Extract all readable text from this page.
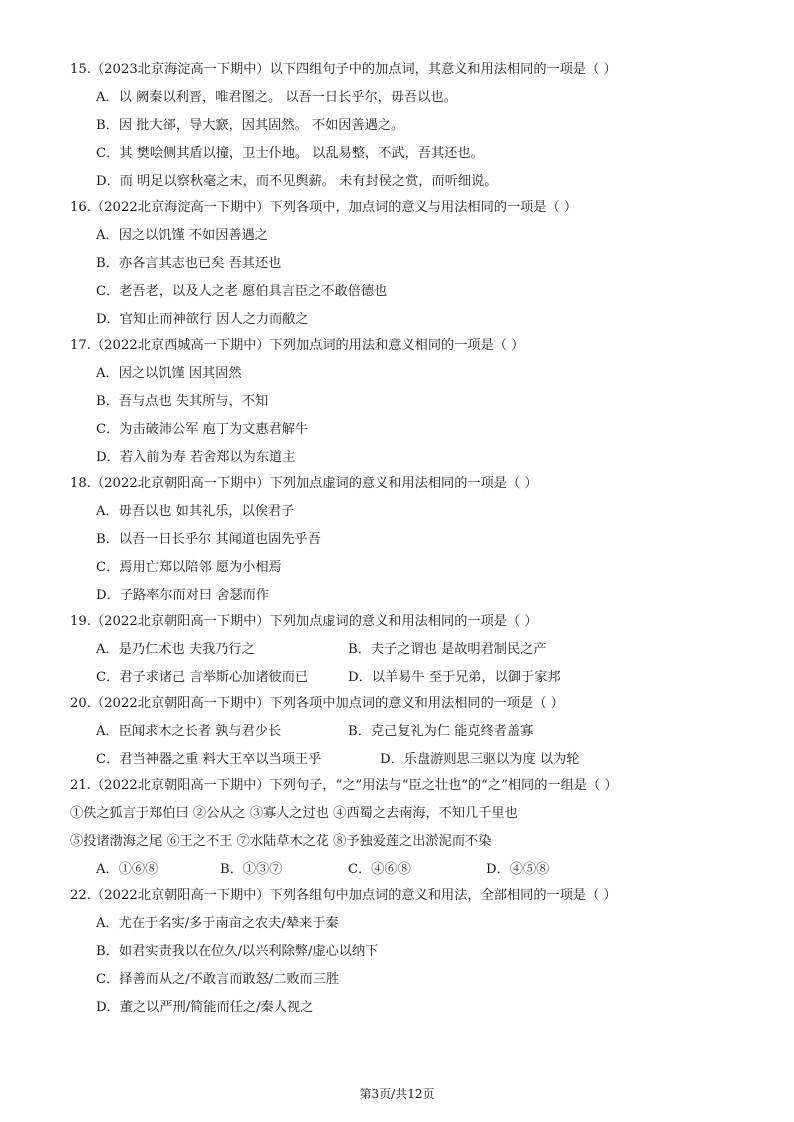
15.（2023北京海淀高一下期中）以下四组句子中的加点词，其意义和用法相同的一项是（ ）
A．以 阙秦以利晋，唯君图之。 以吾一日长乎尔，毋吾以也。
B．因 批大郤，导大窾，因其固然。 不如因善遇之。
C．其 樊哙侧其盾以撞，卫士仆地。 以乱易整，不武，吾其还也。
D．而 明足以察秋毫之末，而不见舆薪。 未有封侯之赏，而听细说。
16.（2022北京海淀高一下期中）下列各项中，加点词的意义与用法相同的一项是（ ）
A．因之以饥馑 不如因善遇之
B．亦各言其志也已矣 吾其还也
C．老吾老，以及人之老 愿伯具言臣之不敢倍德也
D．官知止而神欲行 因人之力而敝之
17.（2022北京西城高一下期中）下列加点词的用法和意义相同的一项是（ ）
A．因之以饥馑 因其固然
B．吾与点也 失其所与，不知
C．为击破沛公军 庖丁为文惠君解牛
D．若入前为寿 若舍郑以为东道主
18.（2022北京朝阳高一下期中）下列加点虚词的意义和用法相同的一项是（ ）
A．毋吾以也 如其礼乐，以俟君子
B．以吾一日长乎尔 其闻道也固先乎吾
C．焉用亡郑以陪邻 愿为小相焉
D．子路率尔而对曰 舍瑟而作
19.（2022北京朝阳高一下期中）下列加点虚词的意义和用法相同的一项是（ ）
A．是乃仁术也 夫我乃行之	B．夫子之谓也 是故明君制民之产
C．君子求诸己 言举斯心加诸彼而已	D．以羊易牛 至于兄弟，以御于家邦
20.（2022北京朝阳高一下期中）下列各项中加点词的意义和用法相同的一项是（ ）
A．臣闻求木之长者 孰与君少长	B．克己复礼为仁 能克终者盖寡
C．君当神器之重 料大王卒以当项王乎	D．乐盘游则思三驱以为度 以为轮
21.（2022北京朝阳高一下期中）下列句子，“之”用法与“臣之壮也”的“之”相同的一组是（ ）
①佚之狐言于郑伯曰 ②公从之 ③寡人之过也 ④西蜀之去南海，不知几千里也
⑤投诸渤海之尾 ⑥王之不王 ⑦水陆草木之花 ⑧予独爱莲之出淤泥而不染
A．①⑥⑧	B．①③⑦	C．④⑥⑧	D．④⑤⑧
22.（2022北京朝阳高一下期中）下列各组句中加点词的意义和用法，全部相同的一项是（ ）
A．尤在于名实/多于南亩之农夫/辇来于秦
B．如君实责我以在位久/以兴利除弊/虚心以纳下
C．择善而从之/不敢言而敢怒/二败而三胜
D．董之以严刑/简能而任之/秦人视之
第3页/共12页
